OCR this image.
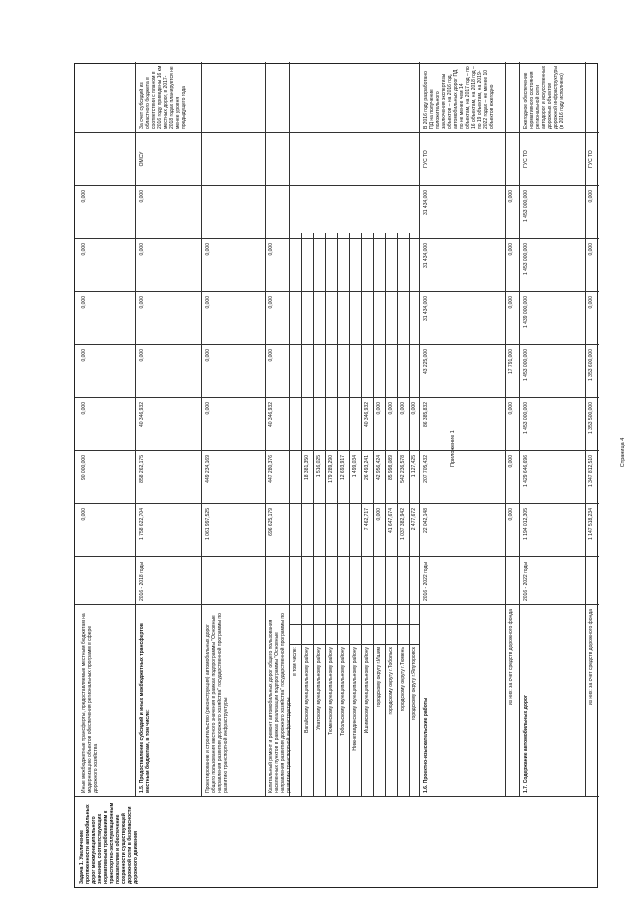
Приложение 1
Задача 1. Увеличение протяженности автомобильных дорог межмуниципального значения, соответствующих нормативным требованиям к транспортно-эксплуатационным показателям и обеспечение сохранности существующей дорожной сети в безопасности дорожного движения
Иные межбюджетные трансферты, предоставляемые местным бюджетам на модернизацию объектов обеспечения региональных программ в сфере дорожного хозяйства
0,000
90 000,000
0,000
0,000
0,000
0,000
0,000
1.5. Предоставление субсидий и иных межбюджетных трансфертов местным бюджетам, в том числе:
2016 - 2018 годы
1 758 622,704
858 262,175
40 346,932
0,000
0,000
0,000
0,000
ОМСУ
За счет субсидий из областного бюджета в соответствии с планом в 2016 году приведены 16 км местных дорог, в 2017-2018 годах планируется не менее уровня предыдущего года
Проектирование и строительство (реконструкция) автомобильных дорог общего пользования местного значения в рамках подпрограммы "Основные направления развития дорожного хозяйства" государственной программы по развитию транспортной инфраструктуры
1 061 997,525
449 234,169
0,000
0,000
0,000
0,000
Капитальный ремонт и ремонт автомобильных дорог общего пользования населенных пунктов в рамках реализации подпрограммы "Основные направления развития дорожного хозяйства" государственной программы по развитию транспортной инфраструктуры
696 625,179
447 280,376
40 346,932
0,000
0,000
0,000
в том числе: Вагайскому муниципальному району
18 381,350
Уватскому муниципальному району
1 516,025
Тюменскому муниципальному району
179 289,290
Тобольскому муниципальному району
12 693,917
Нижнетавдинскому муниципальному району
1 499,034
Ишимскому муниципальному району
7 462,717
26 493,241
40 346,932
городскому округу г.Ишим
0,000
42 956,424
0,000
городскому округу г.Тобольск
41 647,674
85 998,089
0,000
городскому округу г.Тюмень
1 037 382,942
542 236,578
0,000
городскому округу г.Ялуторовск
2 477,672
1 127,425
0,000
1.6. Проектно-изыскательские работы
2016 - 2022 годы
22 042,148
207 705,432
86 385,832
43 225,000
31 434,000
31 434,000
31 434,000
ГУС ТО
В 2016 году разработано ПД на получение положительного заключения экспертизы объектов – на 2016 год, автомобильных дорог ПД по не менее чем 14 объектам, на 2017 год – по 16 объектам, на 2018 год – по 19 объектам, на 2019-2022 годах – не менее 10 объектов ежегодно
из них: за счет средств дорожного фонда
0,000
0,000
0,000
17 791,000
0,000
0,000
0,000
1.7. Содержание автомобильных дорог
2016 - 2022 годы
1 194 012,305
1 429 646,696
1 453 000,000
1 453 000,000
1 439 000,000
1 453 000,000
1 453 000,000
ГУС ТО
Ежегодное обеспечение нормативного состояния региональной сети автодорог и искусственных дорожных объектов дорожной инфраструктуры (в 2016 году исполнено)
из них: за счет средств дорожного фонда
1 147 518,234
1 347 812,510
1 353 500,000
1 353 600,000
0,000
0,000
0,000
ГУС ТО
Страница 4
